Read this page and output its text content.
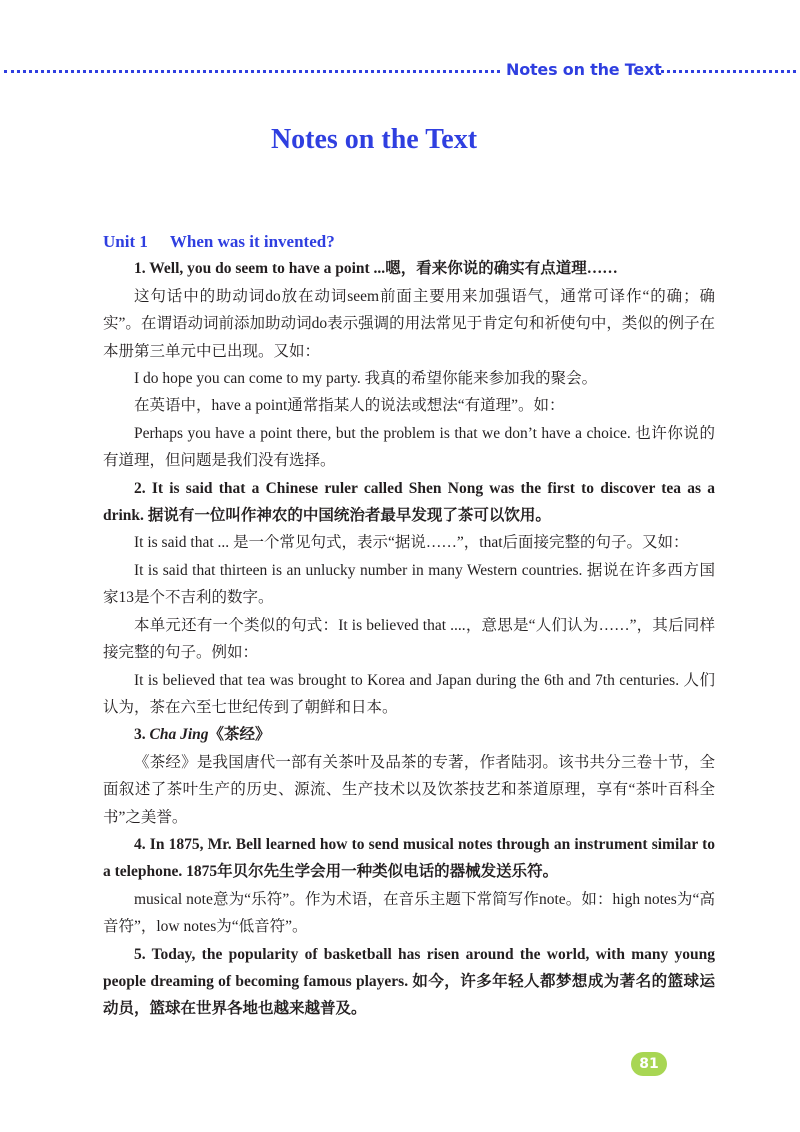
Notes on the Text
Notes on the Text
Unit 1 When was it invented?

1. Well, you do seem to have a point ...嗯，看来你说的确实有点道理……

这句话中的助动词do放在动词seem前面主要用来加强语气，通常可译作“的确；确实”。在谓语动词前添加助动词do表示强调的用法常见于肯定句和祈使句中，类似的例子在本册第三单元中已出现。又如：

I do hope you can come to my party. 我真的希望你能来参加我的聚会。

在英语中，have a point通常指某人的说法或想法“有道理”。如：

Perhaps you have a point there, but the problem is that we don’t have a choice. 也许你说的有道理，但问题是我们没有选择。

2. It is said that a Chinese ruler called Shen Nong was the first to discover tea as a drink. 据说有一位叫作神农的中国统治者最早发现了茶可以饮用。

It is said that ... 是一个常见句式，表示“据说……”，that后面接完整的句子。又如：

It is said that thirteen is an unlucky number in many Western countries. 据说在许多西方国家13是个不吉利的数字。

本单元还有一个类似的句式：It is believed that ....，意思是“人们认为……”，其后同样接完整的句子。例如：

It is believed that tea was brought to Korea and Japan during the 6th and 7th centuries. 人们认为，茶在六至七世纪传到了朝鲜和日本。

3. Cha Jing《茶经》

《茶经》是我国唐代一部有关茶叶及品茶的专著，作者陆羽。该书共分三卷十节，全面叙述了茶叶生产的历史、源流、生产技术以及饮茶技艺和茶道原理，享有“茶叶百科全书”之美誉。

4. In 1875, Mr. Bell learned how to send musical notes through an instrument similar to a telephone. 1875年贝尔先生学会用一种类似电话的器械发送乐符。

musical note意为“乐符”。作为术语，在音乐主题下常简写作note。如：high notes为“高音符”，low notes为“低音符”。

5. Today, the popularity of basketball has risen around the world, with many young people dreaming of becoming famous players. 如今，许多年轻人都梦想成为著名的篮球运动员，篮球在世界各地也越来越普及。

81
